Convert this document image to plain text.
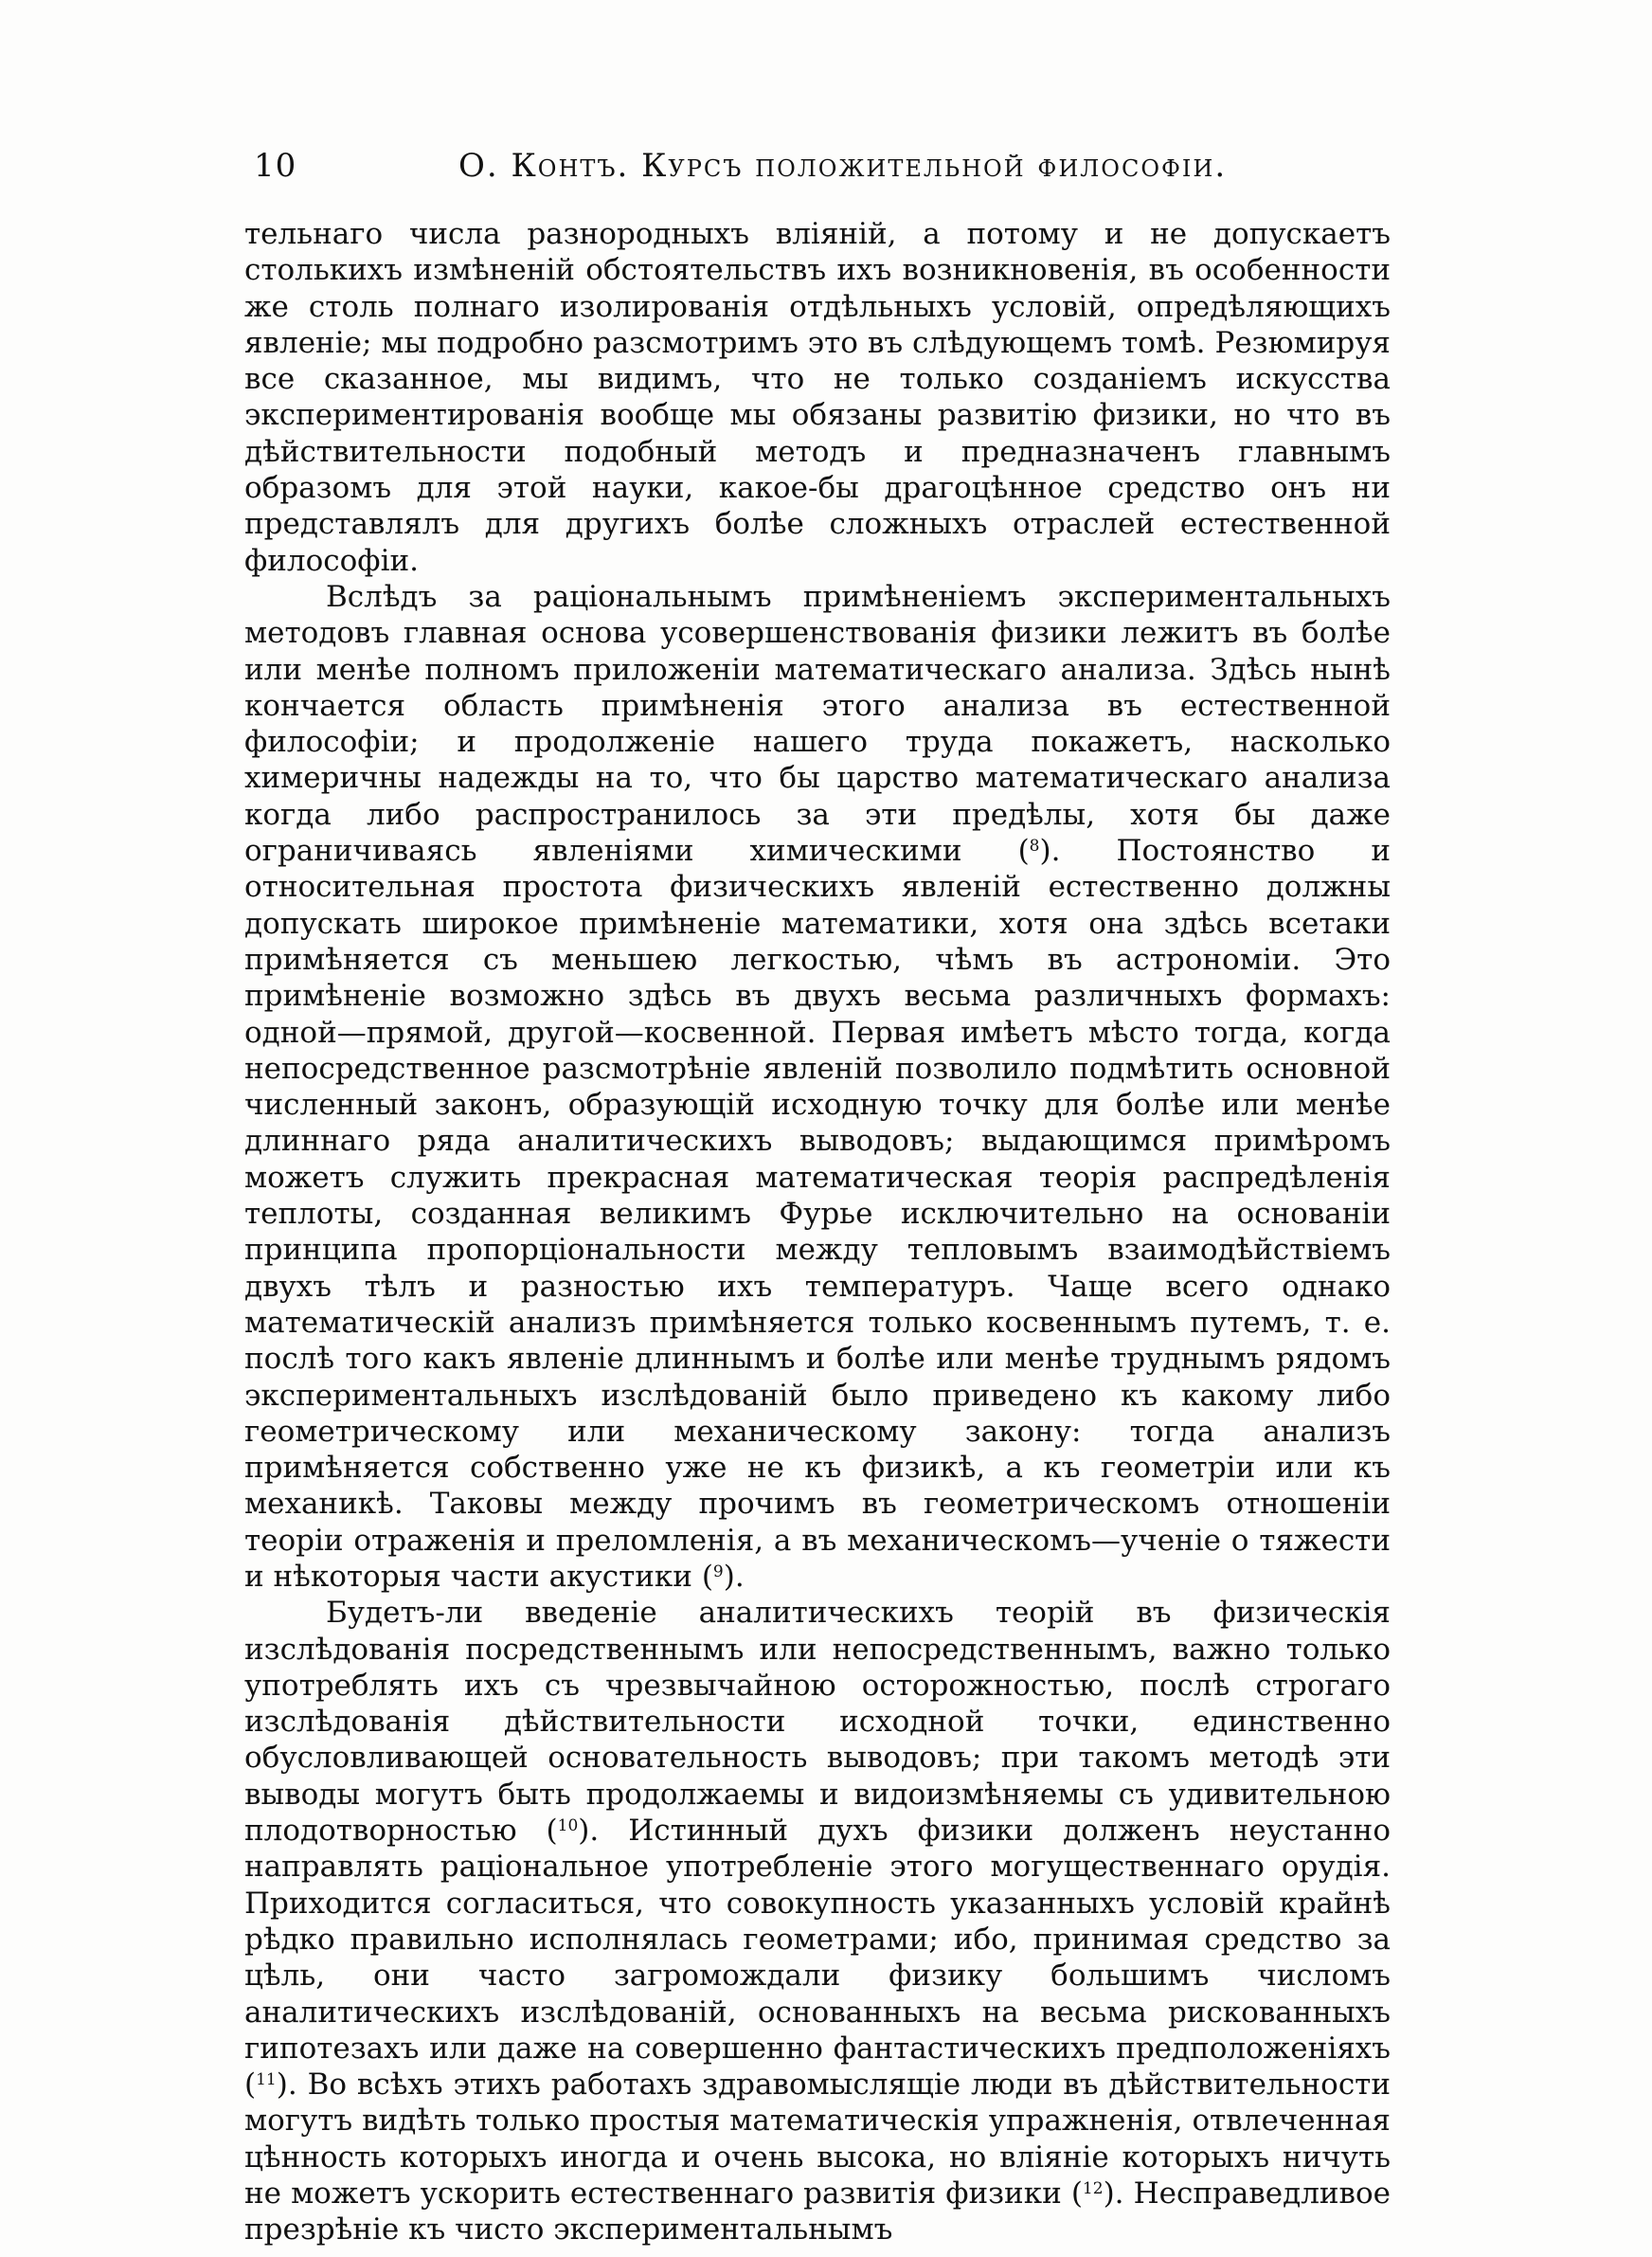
10	О. Контъ. Курсъ положительной философіи.

тельнаго числа разнородныхъ вліяній, а потому и не допускаетъ столькихъ измѣненій обстоятельствъ ихъ возникновенія, въ особенности же столь полнаго изолированія отдѣльныхъ условій, опредѣляющихъ явленіе; мы подробно разсмотримъ это въ слѣдующемъ томѣ. Резюмируя все сказанное, мы видимъ, что не только созданіемъ искусства экспериментированія вообще мы обязаны развитію физики, но что въ дѣйствительности подобный методъ и предназначенъ главнымъ образомъ для этой науки, какое-бы драгоцѣнное средство онъ ни представлялъ для другихъ болѣе сложныхъ отраслей естественной философіи.

Вслѣдъ за раціональнымъ примѣненіемъ экспериментальныхъ методовъ главная основа усовершенствованія физики лежитъ въ болѣе или менѣе полномъ приложеніи математическаго анализа. Здѣсь нынѣ кончается область примѣненія этого анализа въ естественной философіи; и продолженіе нашего труда покажетъ, насколько химеричны надежды на то, что бы царство математическаго анализа когда либо распространилось за эти предѣлы, хотя бы даже ограничиваясь явленіями химическими ($^8$). Постоянство и относительная простота физическихъ явленій естественно должны допускать широкое примѣненіе математики, хотя она здѣсь всетаки примѣняется съ меньшею легкостью, чѣмъ въ астрономіи. Это примѣненіе возможно здѣсь въ двухъ весьма различныхъ формахъ: одной—прямой, другой—косвенной. Первая имѣетъ мѣсто тогда, когда непосредственное разсмотрѣніе явленій позволило подмѣтить основной численный законъ, образующій исходную точку для болѣе или менѣе длиннаго ряда аналитическихъ выводовъ; выдающимся примѣромъ можетъ служить прекрасная математическая теорія распредѣленія теплоты, созданная великимъ Фурье исключительно на основаніи принципа пропорціональности между тепловымъ взаимодѣйствіемъ двухъ тѣлъ и разностью ихъ температуръ. Чаще всего однако математическій анализъ примѣняется только косвеннымъ путемъ, т. е. послѣ того какъ явленіе длиннымъ и болѣе или менѣе труднымъ рядомъ экспериментальныхъ изслѣдованій было приведено къ какому либо геометрическому или механическому закону: тогда анализъ примѣняется собственно уже не къ физикѣ, а къ геометріи или къ механикѣ. Таковы между прочимъ въ геометрическомъ отношеніи теоріи отраженія и преломленія, а въ механическомъ—ученіе о тяжести и нѣкоторыя части акустики ($^9$).

Будетъ-ли введеніе аналитическихъ теорій въ физическія изслѣдованія посредственнымъ или непосредственнымъ, важно только употреблять ихъ съ чрезвычайною осторожностью, послѣ строгаго изслѣдованія дѣйствительности исходной точки, единственно обусловливающей основательность выводовъ; при такомъ методѣ эти выводы могутъ быть продолжаемы и видоизмѣняемы съ удивительною плодотворностью ($^{10}$). Истинный духъ физики долженъ неустанно направлять раціональное употребленіе этого могущественнаго орудія. Приходится согласиться, что совокупность указанныхъ условій крайнѣ рѣдко правильно исполнялась геометрами; ибо, принимая средство за цѣль, они часто загромождали физику большимъ числомъ аналитическихъ изслѣдованій, основанныхъ на весьма рискованныхъ гипотезахъ или даже на совершенно фантастическихъ предположеніяхъ ($^{11}$). Во всѣхъ этихъ работахъ здравомыслящіе люди въ дѣйствительности могутъ видѣть только простыя математическія упражненія, отвлеченная цѣнность которыхъ иногда и очень высока, но вліяніе которыхъ ничуть не можетъ ускорить естественнаго развитія физики ($^{12}$). Несправедливое презрѣніе къ чисто экспериментальнымъ
